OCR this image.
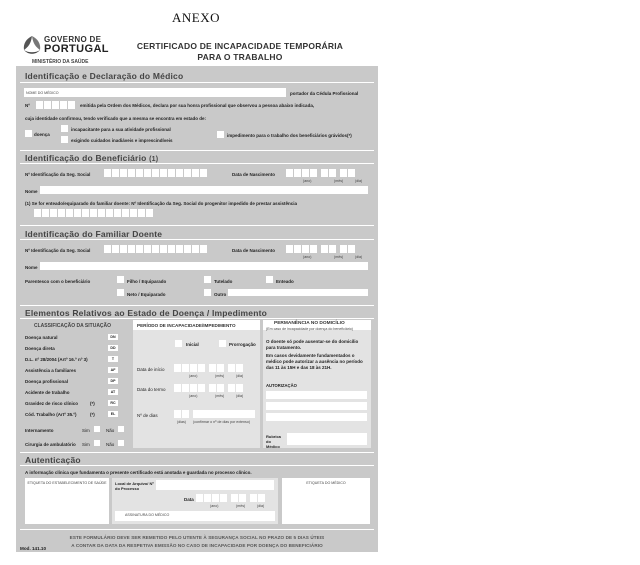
ANEXO
GOVERNO DE
PORTUGAL
MINISTÉRIO DA SAÚDE
CERTIFICADO DE INCAPACIDADE TEMPORÁRIA
PARA O TRABALHO
Identificação e Declaração do Médico
NOME DO MÉDICO	portador da Cédula Profissional
Nº	emitida pela Ordem dos Médicos, declara por sua honra profissional que observou a pessoa abaixo indicada,
cuja identidade confirmou, tendo verificado que a mesma se encontra em estado de:
doença
incapacitante para a sua atividade profissional
exigindo cuidados inadiáveis e imprescindíveis
impedimento para o trabalho dos beneficiários grávidos(*)
Identificação do Beneficiário (1)
Nº Identificação da Seg. Social	Data de Nascimento
(ano)	(mês)	(dia)
Nome
(1) Se for enteado/equiparado do familiar doente: Nº Identificação da Seg. Social do progenitor impedido de prestar assistência
Identificação do Familiar Doente
Nº Identificação da Seg. Social	Data de Nascimento
(ano)	(mês)	(dia)
Nome
Parentesco com o beneficiário	Filho / Equiparado	Tutelado	Enteado
Neto / Equiparado	Outro
Elementos Relativos ao Estado de Doença / Impedimento
CLASSIFICAÇÃO DA SITUAÇÃO
Doença natural	DN
Doença direta	DD
D.L. nº 28/2004 (Artº 16.º nº 3)	T
Assistência a familiares	AF
Doença profissional	DP
Acidente de trabalho	AT
Gravidez de risco clínico	(*)	RC
Cód. Trabalho (Artº 35.º)	(*)	EL
Internamento	Sim	Não
Cirurgia de ambulatório Sim	Não
PERÍODO DE INCAPACIDADE/IMPEDIMENTO
Inicial	Prorrogação
Data de início
(ano)	(mês)	(dia)
Data do termo
(ano)	(mês)	(dia)
Nº de dias
(dias) (confirmar o nº de dias por extenso)
PERMANÊNCIA NO DOMICÍLIO
(Em caso de incapacidade por doença do beneficiário)
O doente só pode ausentar-se do domicílio para tratamento.
Em casos devidamente fundamentados o médico pode autorizar a ausência no período das 11 às 15H e das 18 às 21H.
AUTORIZAÇÃO
Rubrica do Médico
Autenticação
A informação clínica que fundamenta o presente certificado está anotada e guardada no processo clínico.
ETIQUETA DO ESTABELECIMENTO DE SAÚDE	Local de Arquivo/ Nº do Processo
Data
(ano)	(mês)	(dia)
ASSINATURA DO MÉDICO
ETIQUETA DO MÉDICO
ESTE FORMULÁRIO DEVE SER REMETIDO PELO UTENTE À SEGURANÇA SOCIAL NO PRAZO DE 5 DIAS ÚTEIS
A CONTAR DA DATA DA RESPETIVA EMISSÃO NO CASO DE INCAPACIDADE POR DOENÇA DO BENEFICIÁRIO
Mod. 141.10
